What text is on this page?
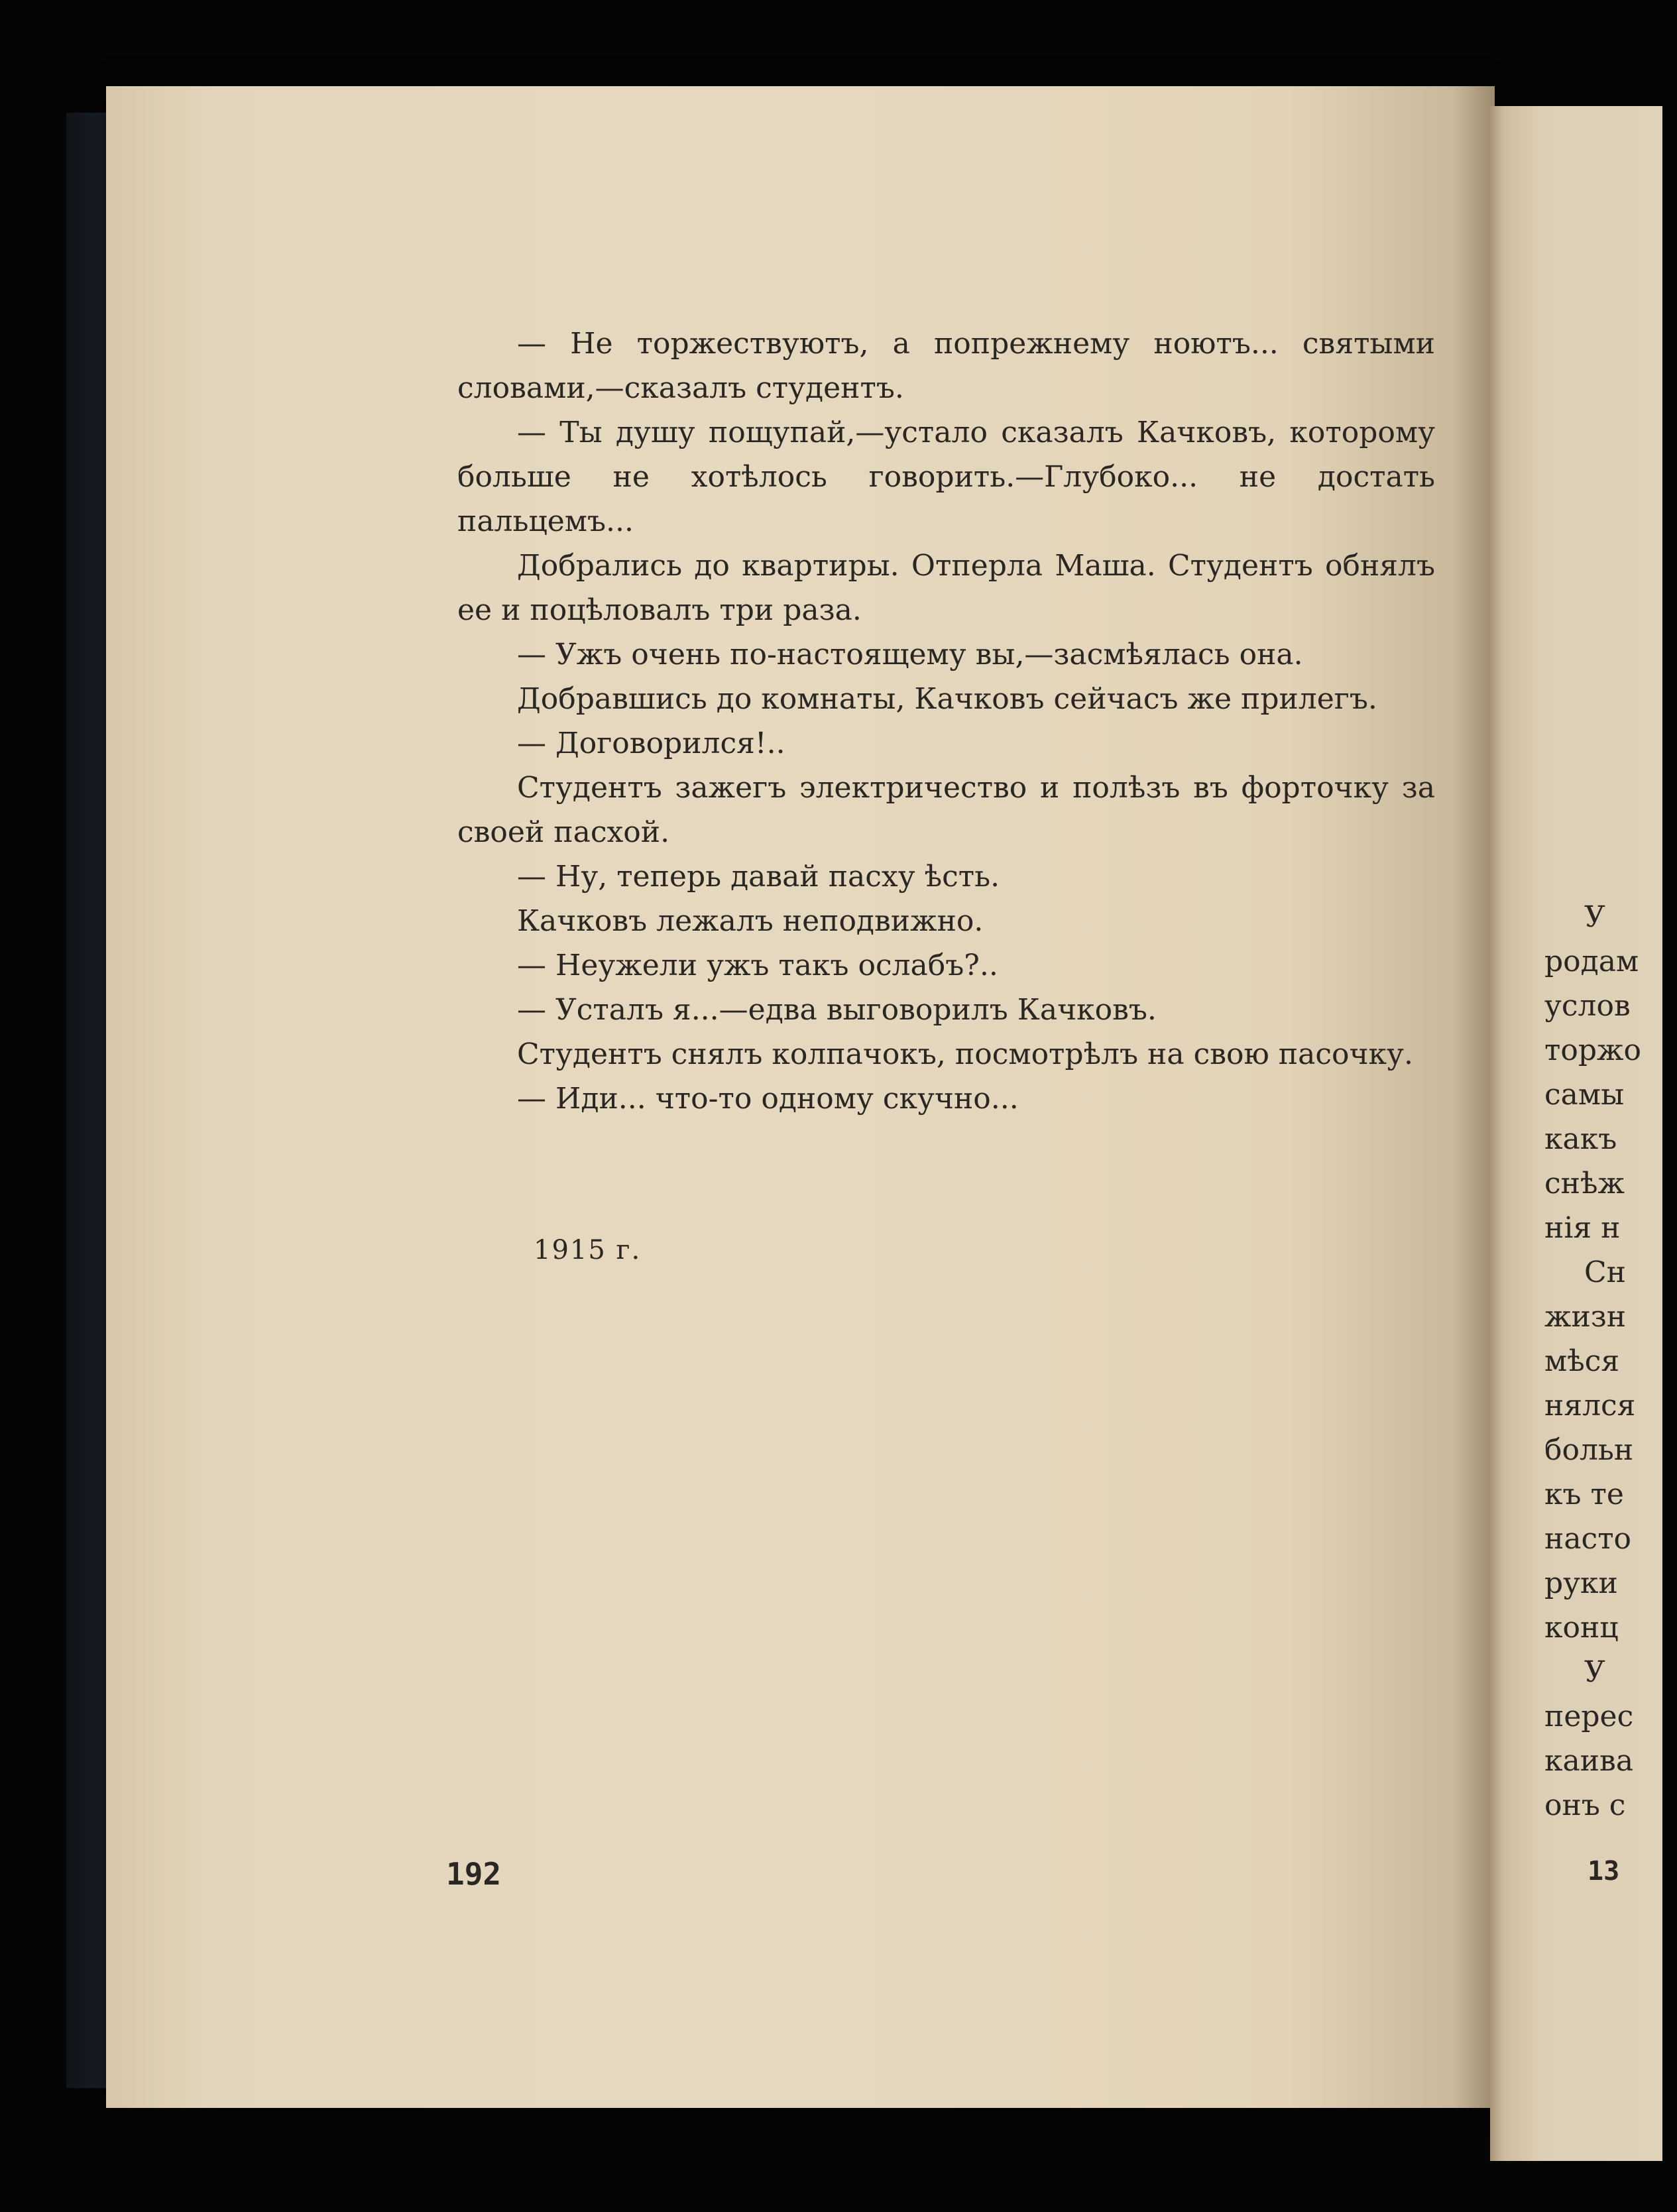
— Не торжествуютъ, а попрежнему ноютъ... святыми словами,—сказалъ студентъ.

— Ты душу пощупай,—устало сказалъ Качковъ, которому больше не хотѣлось говорить.—Глубоко... не достать пальцемъ...

Добрались до квартиры. Отперла Маша. Студентъ обнялъ ее и поцѣловалъ три раза.

— Ужъ очень по-настоящему вы,—засмѣялась она.

Добравшись до комнаты, Качковъ сейчасъ же прилегъ.

— Договорился!..

Студентъ зажегъ электричество и полѣзъ въ форточку за своей пасхой.

— Ну, теперь давай пасху ѣсть.

Качковъ лежалъ неподвижно.

— Неужели ужъ такъ ослабъ?..

— Усталъ я...—едва выговорилъ Качковъ.

Студентъ снялъ колпачокъ, посмотрѣлъ на свою пасочку.

— Иди... что-то одному скучно...

1915 г.
192
У
родам
услов
торжо
самы
какъ
снѣж
нія н
Сн
жизн
мѣся
нялся
больн
къ те
насто
руки
конц
У
перес
каива
онъ с
13
